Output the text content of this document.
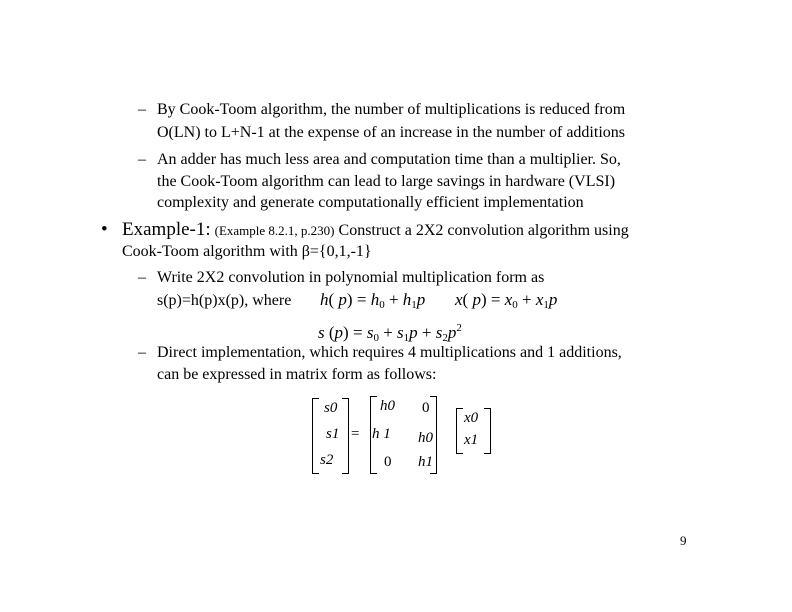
– By Cook-Toom algorithm, the number of multiplications is reduced from
O(LN) to L+N-1 at the expense of an increase in the number of additions
– An adder has much less area and computation time than a multiplier. So,
the Cook-Toom algorithm can lead to large savings in hardware (VLSI)
complexity and generate computationally efficient implementation
• Example-1: (Example 8.2.1, p.230) Construct a 2X2 convolution algorithm using
Cook-Toom algorithm with β={0,1,-1}
– Write 2X2 convolution in polynomial multiplication form as
s(p)=h(p)x(p), where h( $p) = h_0 + h_1p$ x( $p) = x_0 + x_1p$
s $(p) = s_0 + s_1p + s_2p^2$
– Direct implementation, which requires 4 multiplications and 1 additions,
can be expressed in matrix form as follows:
s0
s1
s2
=
h0 0
h 1 h0
0 h1
x0
x1
9
